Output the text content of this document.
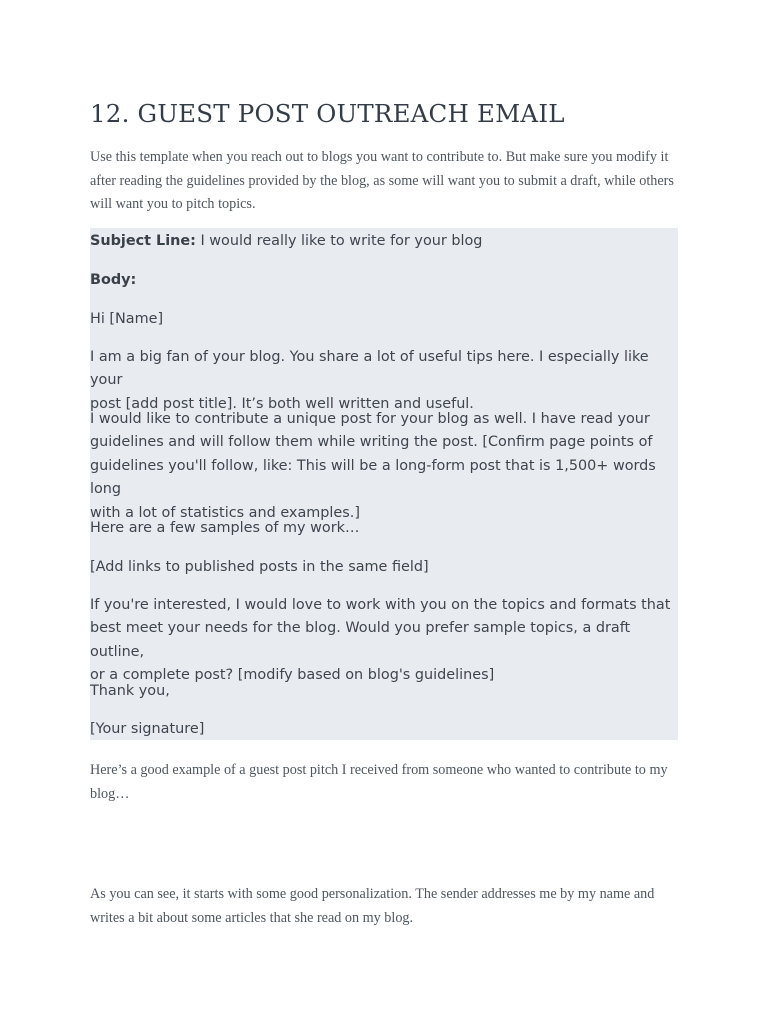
12. GUEST POST OUTREACH EMAIL

Use this template when you reach out to blogs you want to contribute to. But make sure you modify it after reading the guidelines provided by the blog, as some will want you to submit a draft, while others will want you to pitch topics.

Subject Line: I would really like to write for your blog

Body:

Hi [Name]

I am a big fan of your blog. You share a lot of useful tips here. I especially like your
post [add post title]. It’s both well written and useful.

I would like to contribute a unique post for your blog as well. I have read your
guidelines and will follow them while writing the post. [Confirm page points of
guidelines you'll follow, like: This will be a long-form post that is 1,500+ words long
with a lot of statistics and examples.]

Here are a few samples of my work…

[Add links to published posts in the same field]

If you're interested, I would love to work with you on the topics and formats that
best meet your needs for the blog. Would you prefer sample topics, a draft outline,
or a complete post? [modify based on blog's guidelines]

Thank you,

[Your signature]

Here’s a good example of a guest post pitch I received from someone who wanted to contribute to my blog…

As you can see, it starts with some good personalization. The sender addresses me by my name and writes a bit about some articles that she read on my blog.
